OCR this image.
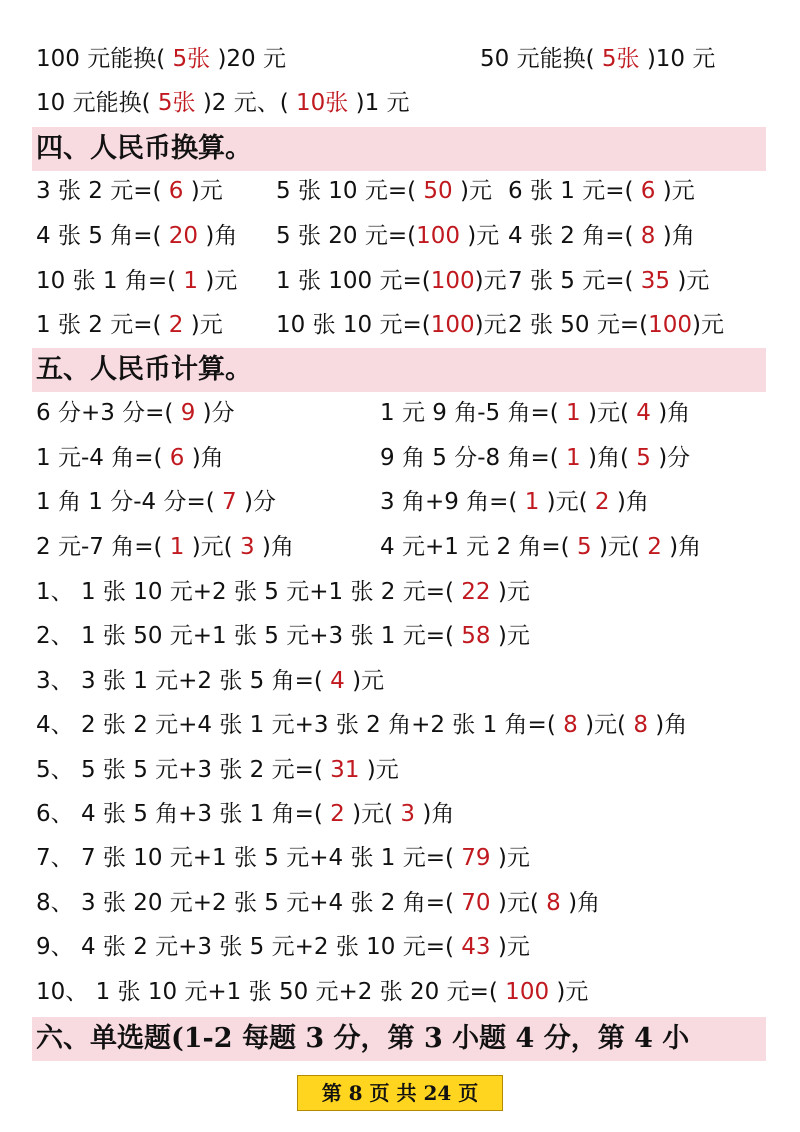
100 元能换( 5张 )20 元	50 元能换( 5张 )10 元
10 元能换( 5张 )2 元、( 10张 )1 元
四、人民币换算。
3 张 2 元=( 6 )元	5 张 10 元=( 50 )元 6 张 1 元=( 6 )元
4 张 5 角=( 20 )角	5 张 20 元=(100 )元 4 张 2 角=( 8 )角
10 张 1 角=( 1 )元	1 张 100 元=(100)元 7 张 5 元=( 35 )元
1 张 2 元=( 2 )元	10 张 10 元=(100)元 2 张 50 元=(100)元
五、人民币计算。
6 分+3 分=( 9 )分	1 元 9 角-5 角=( 1 )元( 4 )角
1 元-4 角=( 6 )角	9 角 5 分-8 角=( 1 )角( 5 )分
1 角 1 分-4 分=( 7 )分	3 角+9 角=( 1 )元( 2 )角
2 元-7 角=( 1 )元( 3 )角	4 元+1 元 2 角=( 5 )元( 2 )角
1、 1 张 10 元+2 张 5 元+1 张 2 元=( 22 )元
2、 1 张 50 元+1 张 5 元+3 张 1 元=( 58 )元
3、 3 张 1 元+2 张 5 角=( 4 )元
4、 2 张 2 元+4 张 1 元+3 张 2 角+2 张 1 角=( 8 )元( 8 )角
5、 5 张 5 元+3 张 2 元=( 31 )元
6、 4 张 5 角+3 张 1 角=( 2 )元( 3 )角
7、 7 张 10 元+1 张 5 元+4 张 1 元=( 79 )元
8、 3 张 20 元+2 张 5 元+4 张 2 角=( 70 )元( 8 )角
9、 4 张 2 元+3 张 5 元+2 张 10 元=( 43 )元
10、 1 张 10 元+1 张 50 元+2 张 20 元=( 100 )元
六、单选题(1-2 每题 3 分，第 3 小题 4 分，第 4 小
第 8 页 共 24 页
